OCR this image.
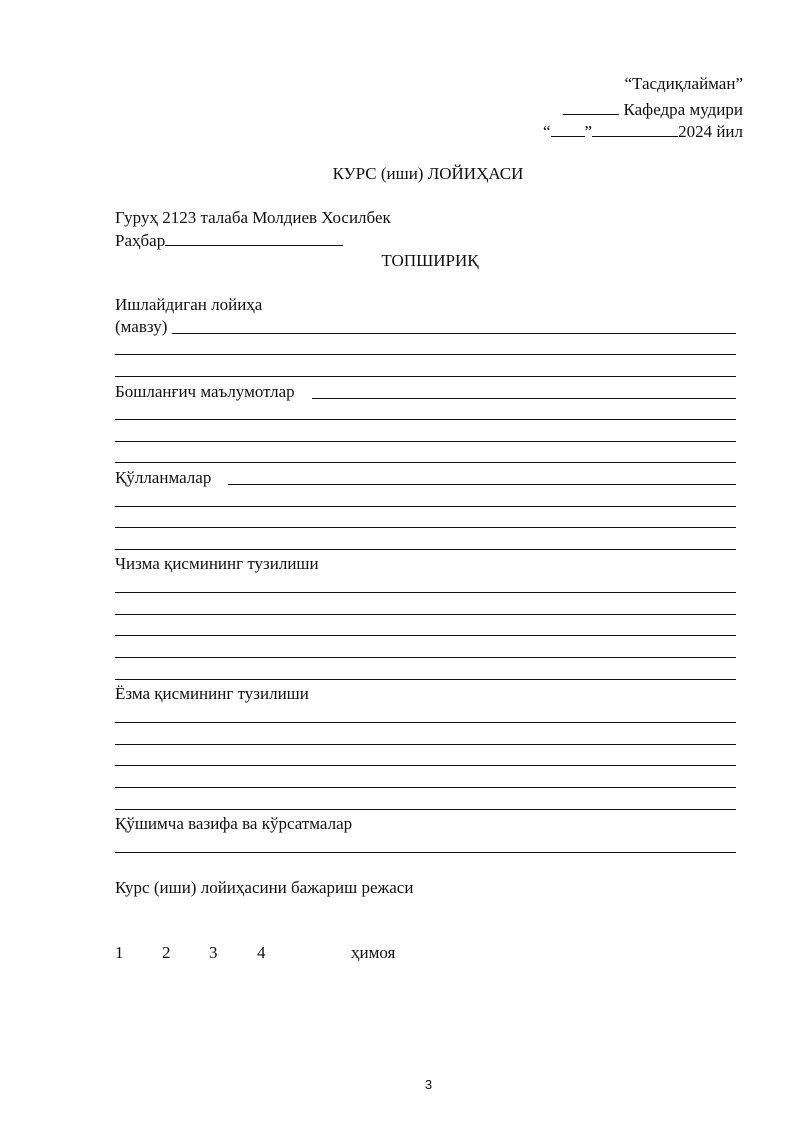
“Тасдиқлайман”
Кафедра мудири
“ ”	2024 йил
КУРС (иши) ЛОЙИҲАСИ
Гуруҳ 2123 талаба Молдиев Хосилбек
Раҳбар
ТОПШИРИҚ
Ишлайдиган лойиҳа
(мавзу)
Бошланғич маълумотлар
Қўлланмалар
Чизма қисмининг тузилиши
Ёзма қисмининг тузилиши
Қўшимча вазифа ва кўрсатмалар
Курс (иши) лойиҳасини бажариш режаси
1 2 3 4	ҳимоя
3
